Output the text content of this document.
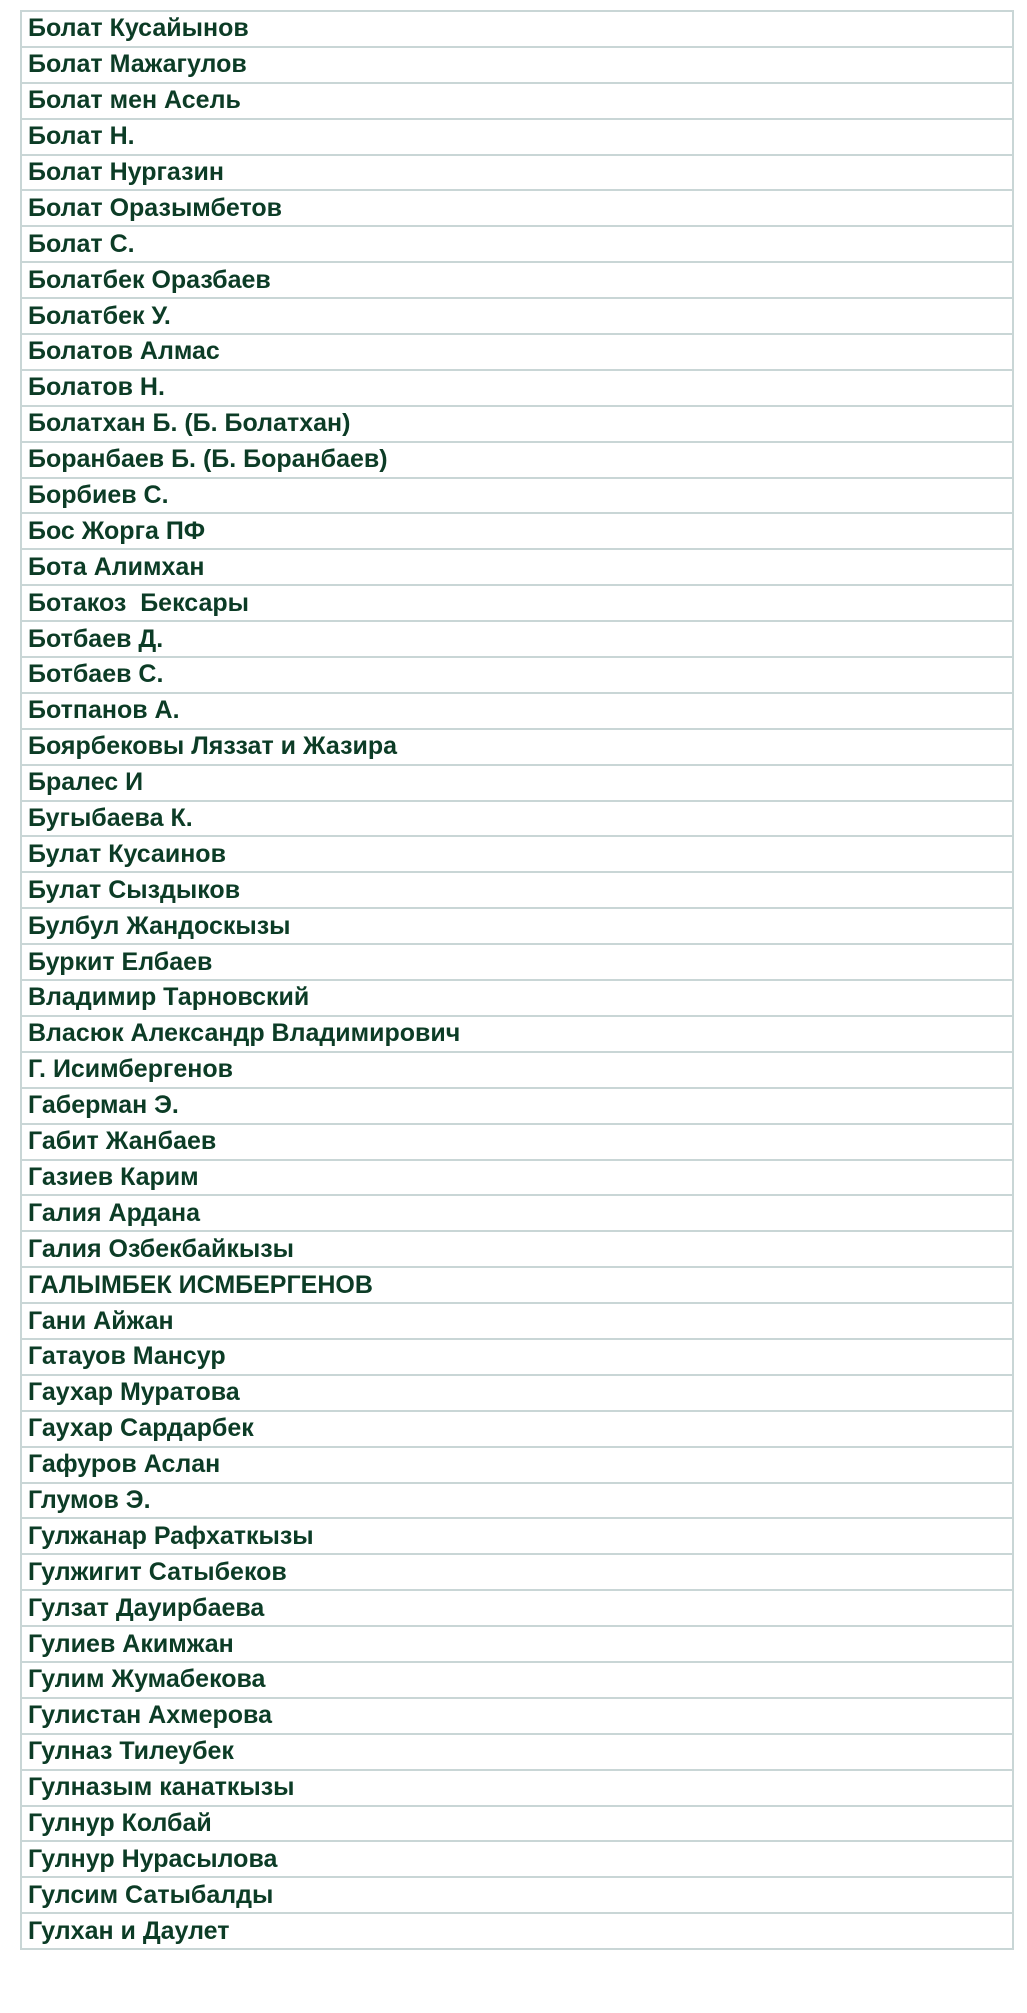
Болат Кусайынов
Болат Мажагулов
Болат мен Асель
Болат Н.
Болат Нургазин
Болат Оразымбетов
Болат С.
Болатбек Оразбаев
Болатбек У.
Болатов Алмас
Болатов Н.
Болатхан Б. (Б. Болатхан)
Боранбаев Б. (Б. Боранбаев)
Борбиев С.
Бос Жорга ПФ
Бота Алимхан
Ботакоз  Бексары
Ботбаев Д.
Ботбаев С.
Ботпанов А.
Боярбековы Ляззат и Жазира
Бралес И
Бугыбаева К.
Булат Кусаинов
Булат Сыздыков
Булбул Жандоскызы
Буркит Елбаев
Владимир Тарновский
Власюк Александр Владимирович
Г. Исимбергенов
Габерман Э.
Габит Жанбаев
Газиев Карим
Галия Ардана
Галия Озбекбайкызы
ГАЛЫМБЕК ИСМБЕРГЕНОВ
Гани Айжан
Гатауов Мансур
Гаухар Муратова
Гаухар Сардарбек
Гафуров Аслан
Глумов Э.
Гулжанар Рафхаткызы
Гулжигит Сатыбеков
Гулзат Дауирбаева
Гулиев Акимжан
Гулим Жумабекова
Гулистан Ахмерова
Гулназ Тилеубек
Гулназым канаткызы
Гулнур Колбай
Гулнур Нурасылова
Гулсим Сатыбалды
Гулхан и Даулет
